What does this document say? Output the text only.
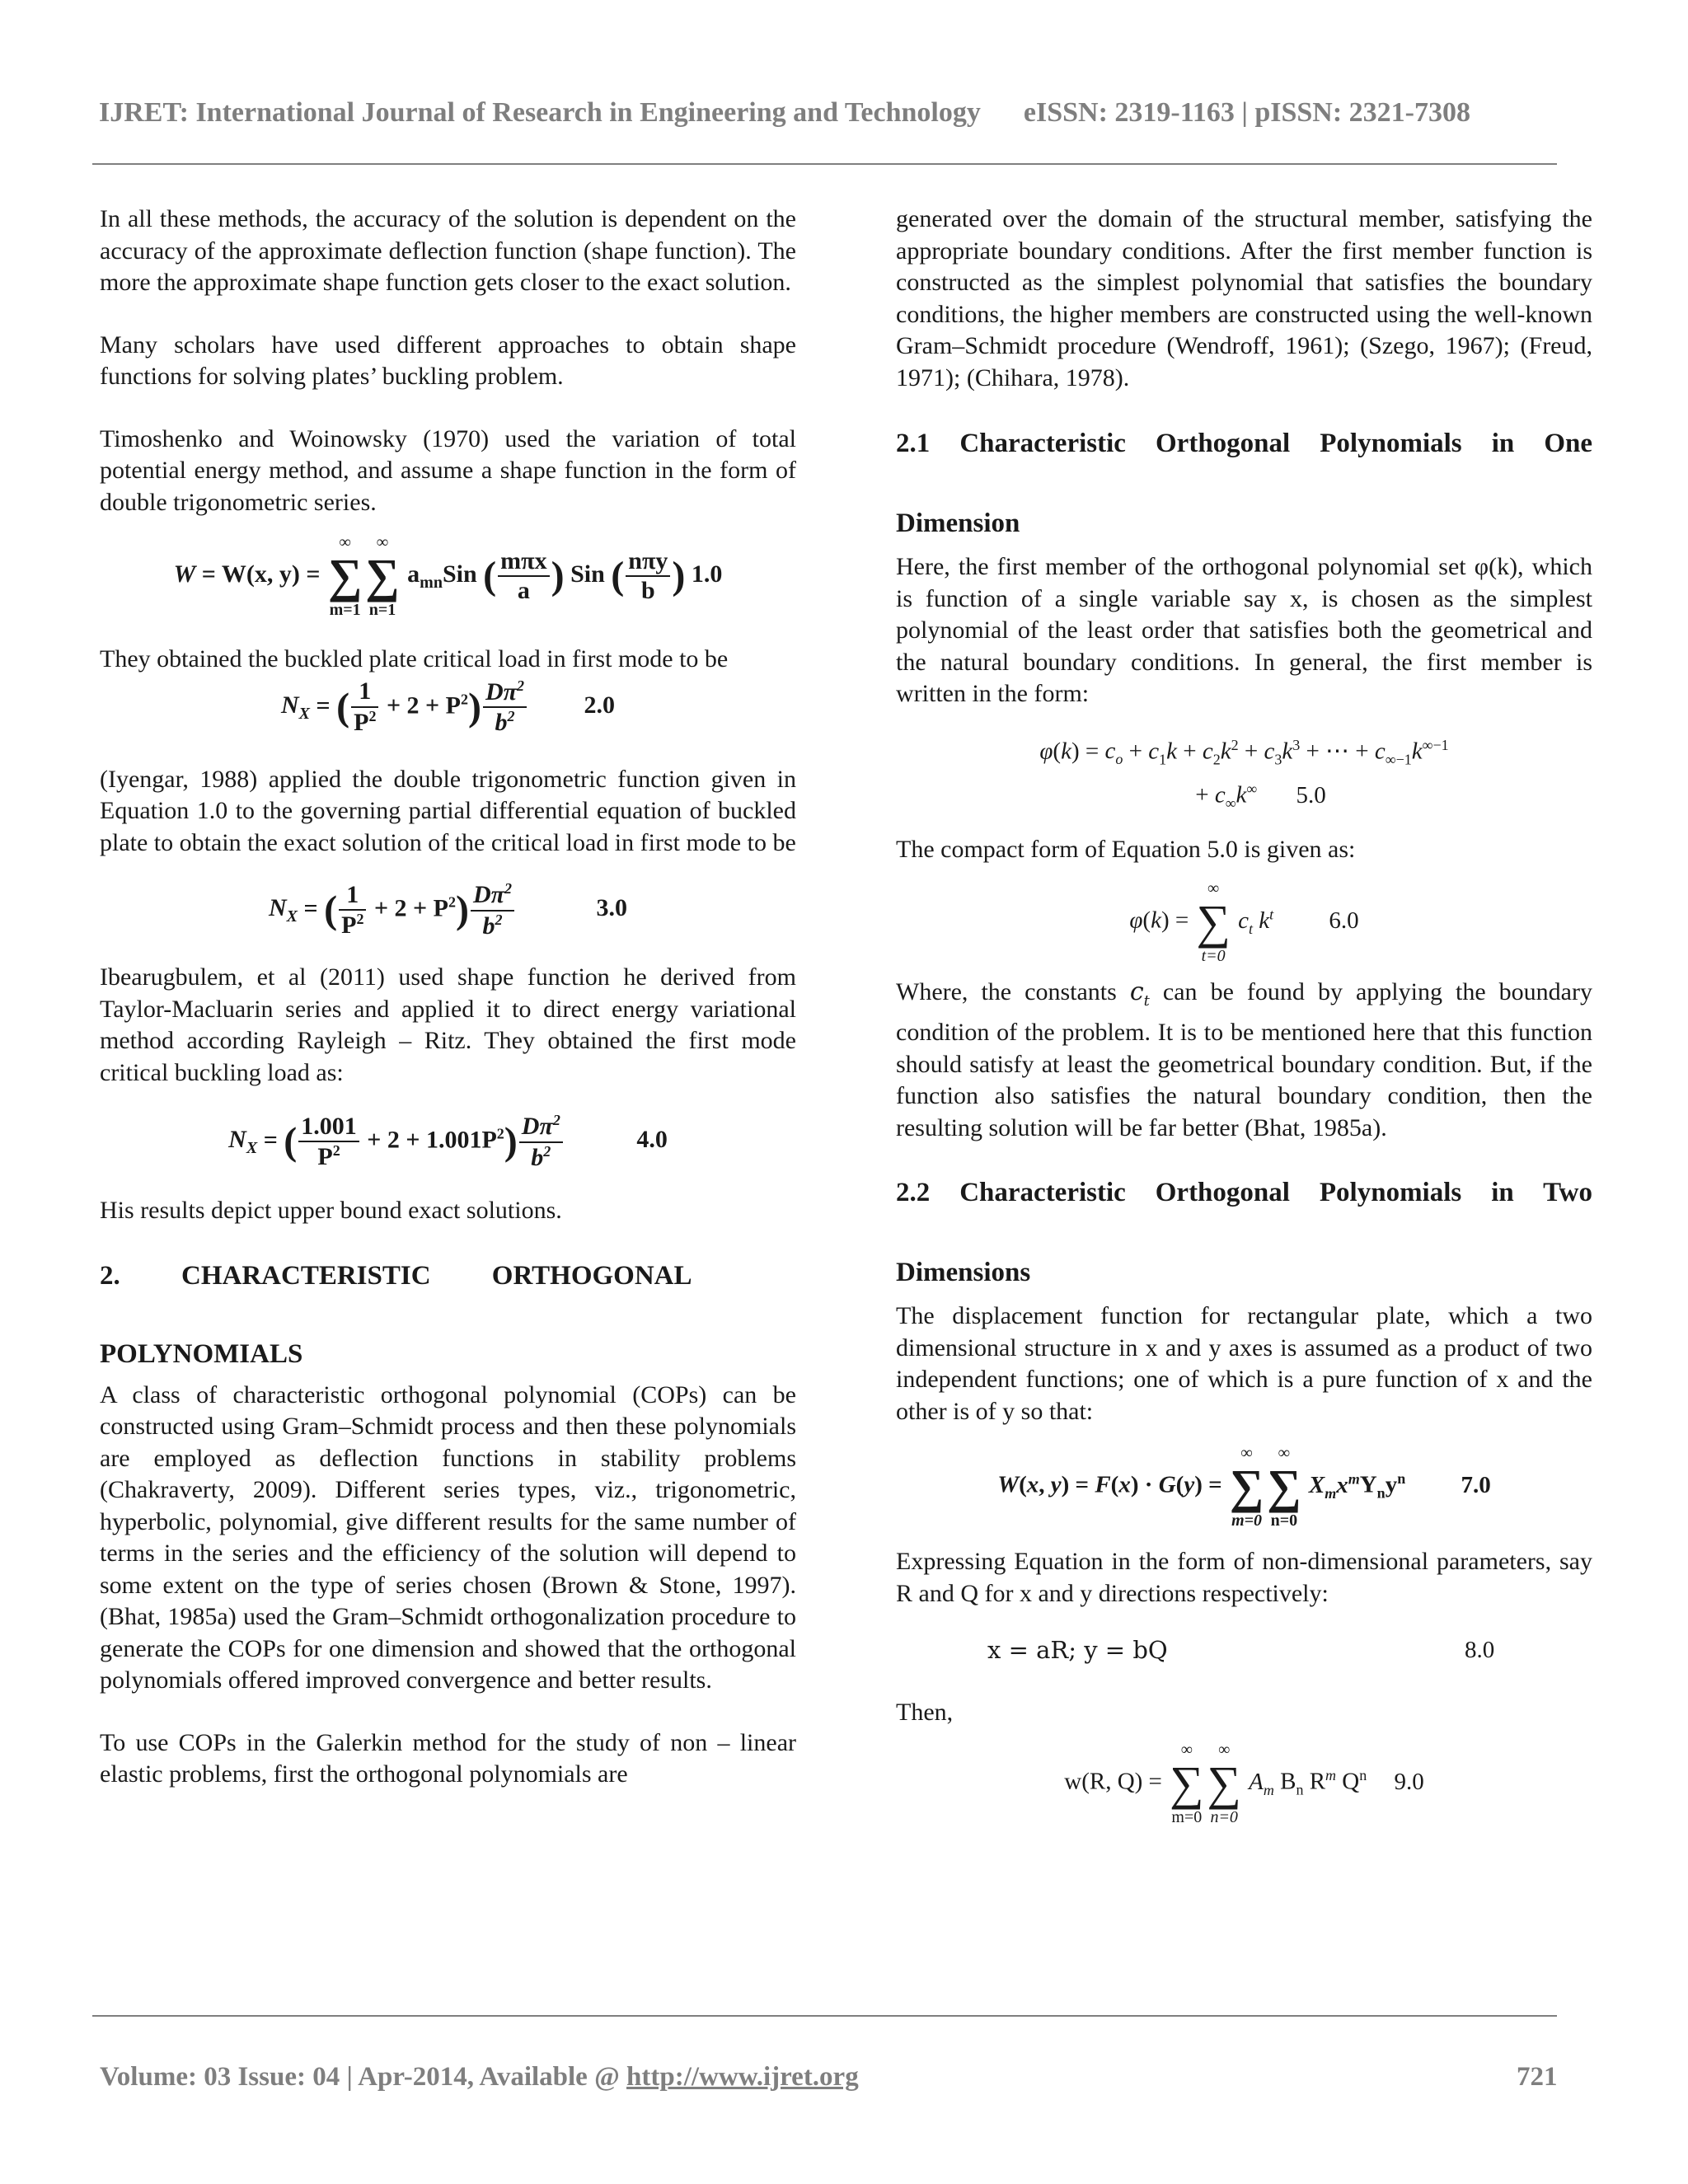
IJRET: International Journal of Research in Engineering and Technology eISSN: 2319-1163 | pISSN: 2321-7308

In all these methods, the accuracy of the solution is dependent on the accuracy of the approximate deflection function (shape function). The more the approximate shape function gets closer to the exact solution.

Many scholars have used different approaches to obtain shape functions for solving plates’ buckling problem.

Timoshenko and Woinowsky (1970) used the variation of total potential energy method, and assume a shape function in the form of double trigonometric series.

W = W(x, y) =
∞
∑
m=1
∞
∑
n=1
$a_{mn}Sin$ ( $\frac{\text{mπx}}{a}$ ) Sin ( $\frac{\text{nπy}}{b}$ ) 1.0

They obtained the buckled plate critical load in first mode to be

$N_X$ = ( $\frac{1}{P^2} + 2 + P^2) \frac{D\pi^2}{b^2} 2.0$

(Iyengar, 1988) applied the double trigonometric function given in Equation 1.0 to the governing partial differential equation of buckled plate to obtain the exact solution of the critical load in first mode to be

$N_X$ = ( $\frac{1}{P^2} + 2 + P^2) \frac{D\pi^2}{b^2}$	3.0

Ibearugbulem, et al (2011) used shape function he derived from Taylor-Macluarin series and applied it to direct energy variational method according Rayleigh – Ritz. They obtained the first mode critical buckling load as:

$N_X$ = ( $\frac{1.001}{P^2} + 2 + 1.001P^2) \frac{D\pi^2}{b^2}$	4.0

His results depict upper bound exact solutions.

2.         CHARACTERISTIC         ORTHOGONAL

POLYNOMIALS

A class of characteristic orthogonal polynomial (COPs) can be constructed using Gram–Schmidt process and then these polynomials are employed as deflection functions in stability problems (Chakraverty, 2009). Different series types, viz., trigonometric, hyperbolic, polynomial, give different results for the same number of terms in the series and the efficiency of the solution will depend to some extent on the type of series chosen (Brown & Stone, 1997). (Bhat, 1985a) used the Gram–Schmidt orthogonalization procedure to generate the COPs for one dimension and showed that the orthogonal polynomials offered improved convergence and better results.

To use COPs in the Galerkin method for the study of non – linear elastic problems, first the orthogonal polynomials are

generated over the domain of the structural member, satisfying the appropriate boundary conditions. After the first member function is constructed as the simplest polynomial that satisfies the boundary conditions, the higher members are constructed using the well-known Gram–Schmidt procedure (Wendroff, 1961); (Szego, 1967); (Freud, 1971); (Chihara, 1978).

2.1 Characteristic Orthogonal Polynomials in One

Dimension

Here, the first member of the orthogonal polynomial set φ(k), which is function of a single variable say x, is chosen as the simplest polynomial of the least order that satisfies both the geometrical and the natural boundary conditions. In general, the first member is written in the form:

$\varphi(k) = c_o + c_1k + c_2k^2 + c_3k^3$ + ⋯ + $c_{\infty-1}k^{\infty-1}$
+ $c_\infty k^\infty$ 5.0

The compact form of Equation 5.0 is given as:

φ(k) =
∞
∑
t=0
$c_t$ $k^t$ 6.0

Where, the constants $c_t$ can be found by applying the boundary condition of the problem. It is to be mentioned here that this function should satisfy at least the geometrical boundary condition. But, if the function also satisfies the natural boundary condition, then the resulting solution will be far better (Bhat, 1985a).

2.2 Characteristic Orthogonal Polynomials in Two

Dimensions

The displacement function for rectangular plate, which a two dimensional structure in x and y axes is assumed as a product of two independent functions; one of which is a pure function of x and the other is of y so that:

W(x, y) = F(x) · G(y) =
∞
∑
m=0
∞
∑
n=0
$X_mx^mY_ny^n$ 7.0

Expressing Equation in the form of non-dimensional parameters, say R and Q for x and y directions respectively:

x = aR; y = bQ	8.0

Then,

w(R, Q) =
∞
∑
m=0
∞
∑
n=0
$A_m$ $B_n$ $R^m$ $Q^n$ 9.0
Volume: 03 Issue: 04 | Apr-2014, Available @ http://www.ijret.org	721
